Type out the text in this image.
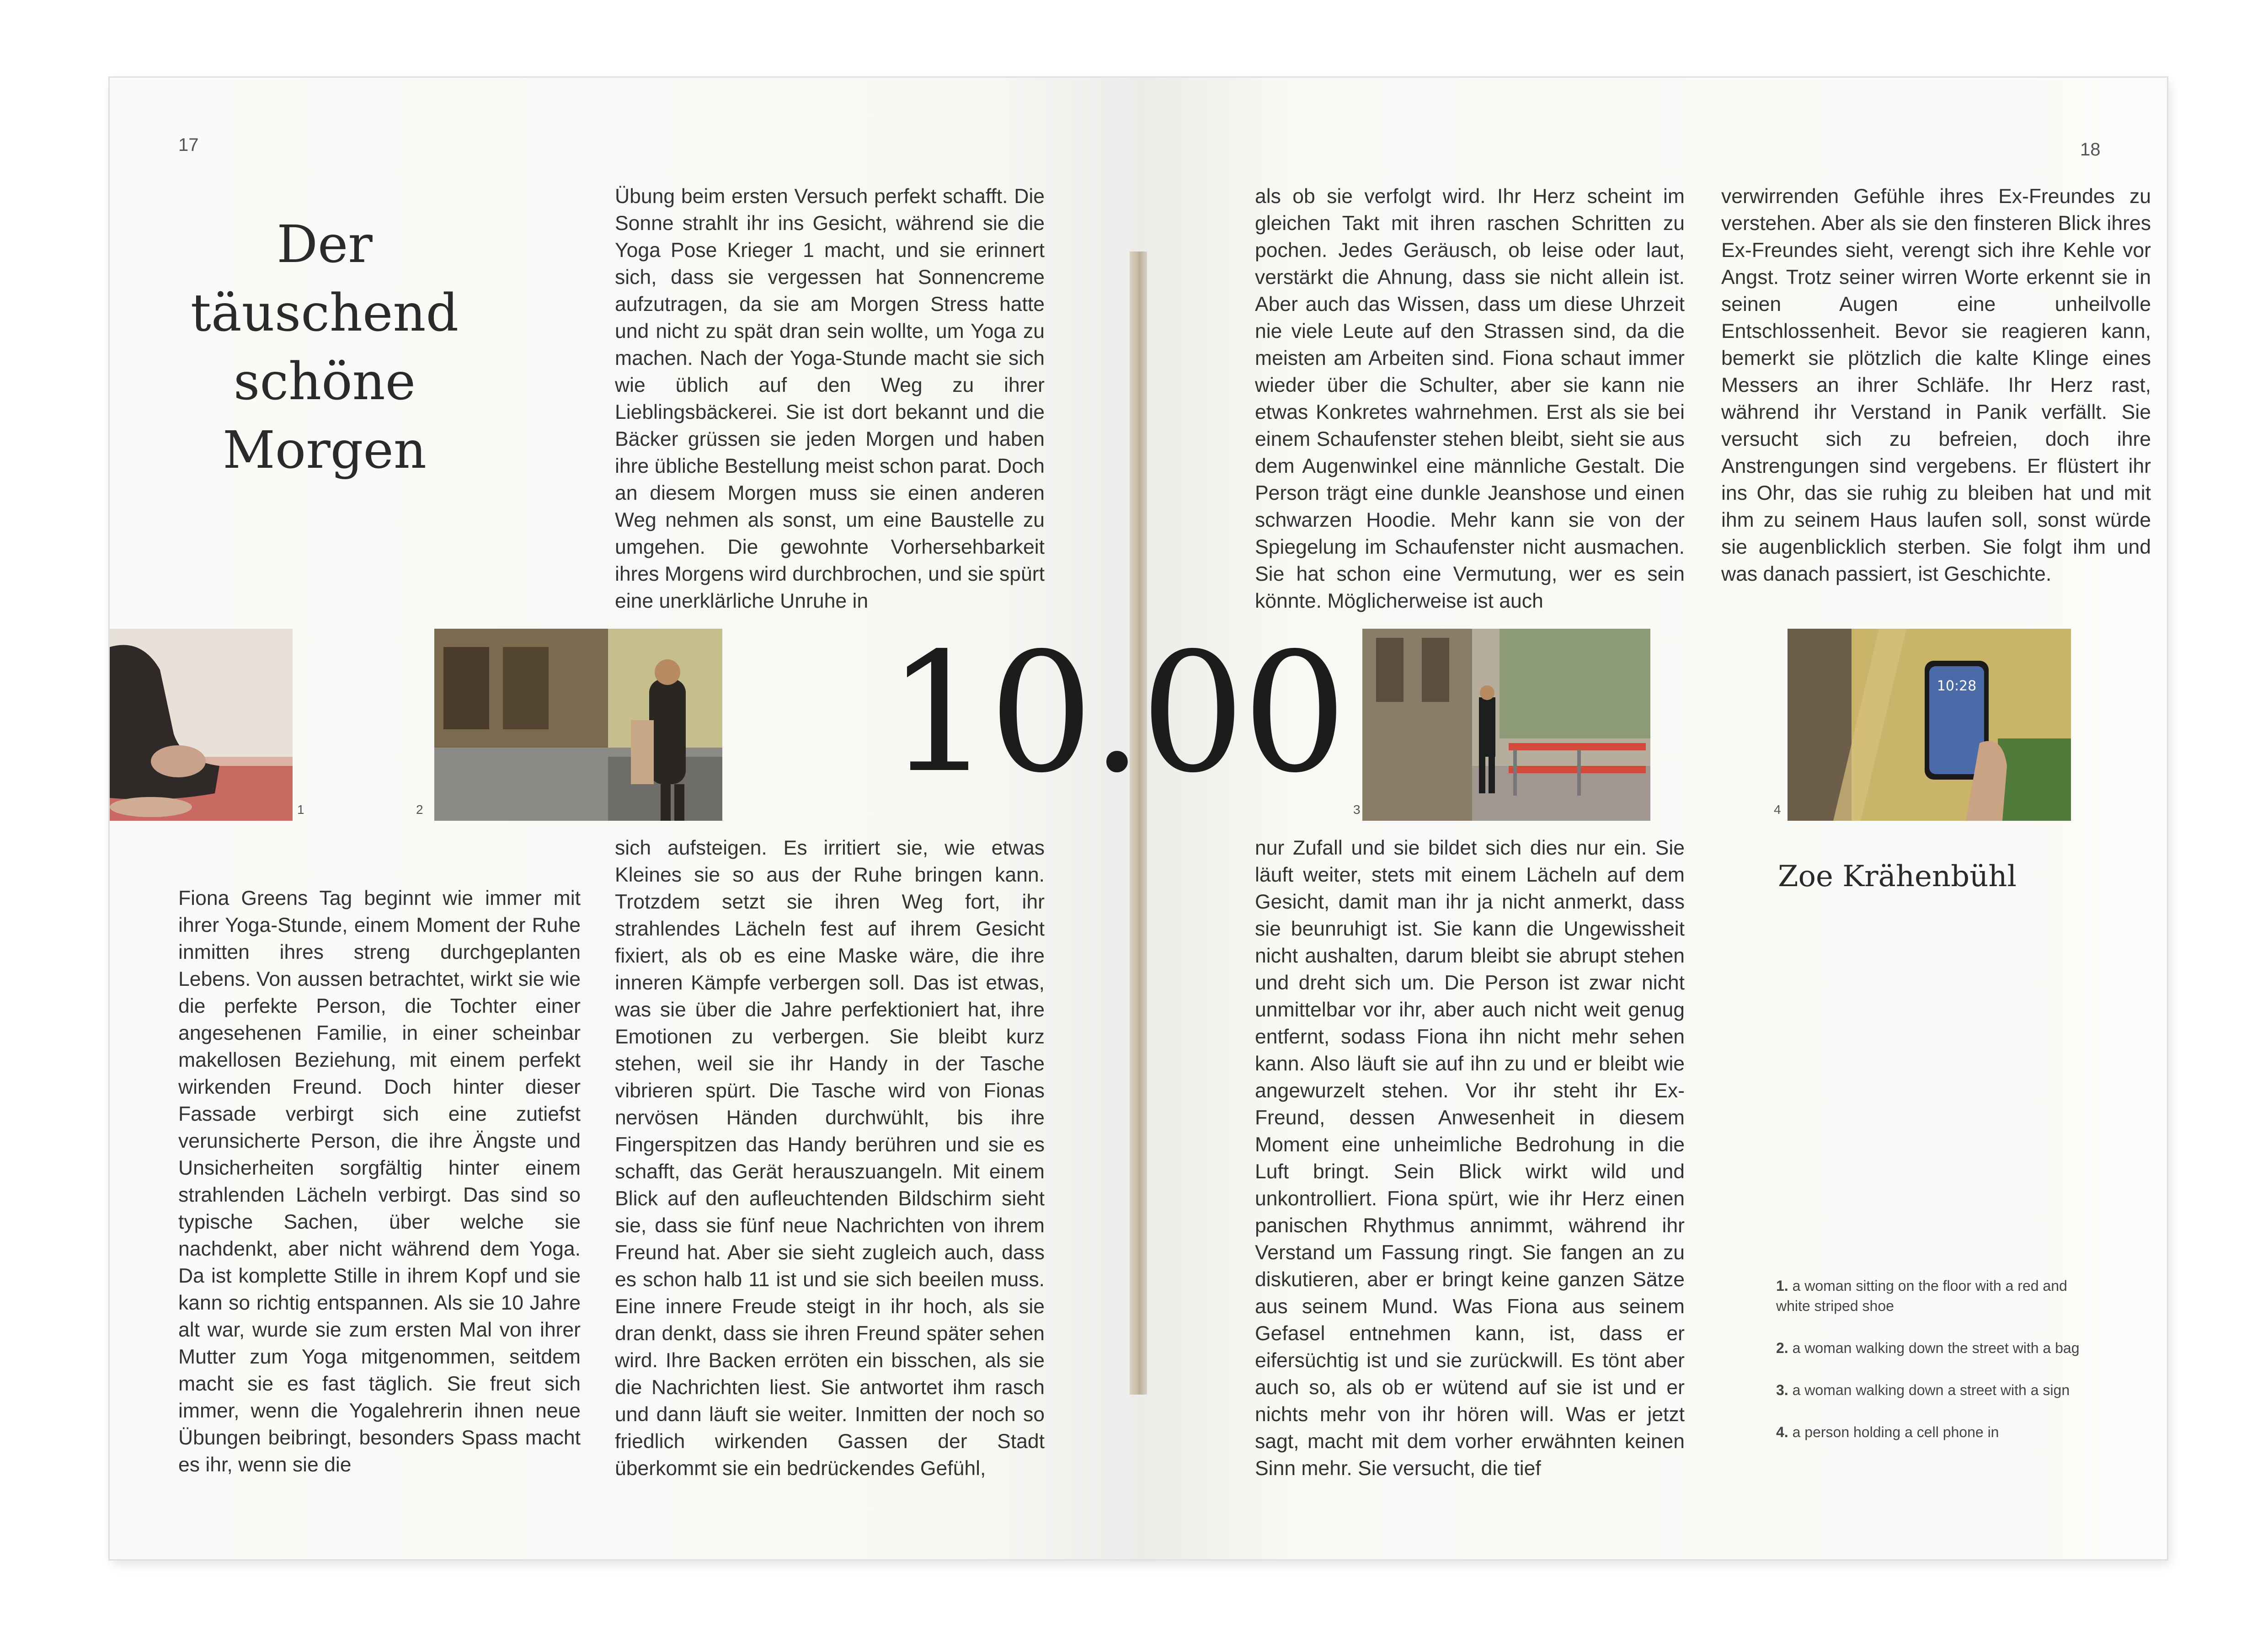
17
Der
täuschend
schöne
Morgen
Übung beim ersten Versuch perfekt schafft. Die Sonne strahlt ihr ins Gesicht, während sie die Yoga Pose Krieger 1 macht, und sie erinnert sich, dass sie vergessen hat Sonnencreme aufzutragen, da sie am Morgen Stress hatte und nicht zu spät dran sein wollte, um Yoga zu machen. Nach der Yoga-Stunde macht sie sich wie üblich auf den Weg zu ihrer Lieblingsbäckerei. Sie ist dort bekannt und die Bäcker grüssen sie jeden Morgen und haben ihre übliche Bestellung meist schon parat. Doch an diesem Morgen muss sie einen anderen Weg nehmen als sonst, um eine Baustelle zu umgehen. Die gewohnte Vorhersehbarkeit ihres Morgens wird durchbrochen, und sie spürt eine unerklärliche Unruhe in
1	2
Fiona Greens Tag beginnt wie immer mit ihrer Yoga-Stunde, einem Moment der Ruhe inmitten ihres streng durchgeplanten Lebens. Von aussen betrachtet, wirkt sie wie die perfekte Person, die Tochter einer angesehenen Familie, in einer scheinbar makellosen Beziehung, mit einem perfekt wirkenden Freund. Doch hinter dieser Fassade verbirgt sich eine zutiefst verunsicherte Person, die ihre Ängste und Unsicherheiten sorgfältig hinter einem strahlenden Lächeln verbirgt. Das sind so typische Sachen, über welche sie nachdenkt, aber nicht während dem Yoga. Da ist komplette Stille in ihrem Kopf und sie kann so richtig entspannen. Als sie 10 Jahre alt war, wurde sie zum ersten Mal von ihrer Mutter zum Yoga mitgenommen, seitdem macht sie es fast täglich. Sie freut sich immer, wenn die Yogalehrerin ihnen neue Übungen beibringt, besonders Spass macht es ihr, wenn sie die
sich aufsteigen. Es irritiert sie, wie etwas Kleines sie so aus der Ruhe bringen kann. Trotzdem setzt sie ihren Weg fort, ihr strahlendes Lächeln fest auf ihrem Gesicht fixiert, als ob es eine Maske wäre, die ihre inneren Kämpfe verbergen soll. Das ist etwas, was sie über die Jahre perfektioniert hat, ihre Emotionen zu verbergen. Sie bleibt kurz stehen, weil sie ihr Handy in der Tasche vibrieren spürt. Die Tasche wird von Fionas nervösen Händen durchwühlt, bis ihre Fingerspitzen das Handy berühren und sie es schafft, das Gerät herauszuangeln. Mit einem Blick auf den aufleuchtenden Bildschirm sieht sie, dass sie fünf neue Nachrichten von ihrem Freund hat. Aber sie sieht zugleich auch, dass es schon halb 11 ist und sie sich beeilen muss. Eine innere Freude steigt in ihr hoch, als sie dran denkt, dass sie ihren Freund später sehen wird. Ihre Backen erröten ein bisschen, als sie die Nachrichten liest. Sie antwortet ihm rasch und dann läuft sie weiter. Inmitten der noch so friedlich wirkenden Gassen der Stadt überkommt sie ein bedrückendes Gefühl,
10.00
18
als ob sie verfolgt wird. Ihr Herz scheint im gleichen Takt mit ihren raschen Schritten zu pochen. Jedes Geräusch, ob leise oder laut, verstärkt die Ahnung, dass sie nicht allein ist. Aber auch das Wissen, dass um diese Uhrzeit nie viele Leute auf den Strassen sind, da die meisten am Arbeiten sind. Fiona schaut immer wieder über die Schulter, aber sie kann nie etwas Konkretes wahrnehmen. Erst als sie bei einem Schaufenster stehen bleibt, sieht sie aus dem Augenwinkel eine männliche Gestalt. Die Person trägt eine dunkle Jeanshose und einen schwarzen Hoodie. Mehr kann sie von der Spiegelung im Schaufenster nicht ausmachen. Sie hat schon eine Vermutung, wer es sein könnte. Möglicherweise ist auch
verwirrenden Gefühle ihres Ex-Freundes zu verstehen. Aber als sie den finsteren Blick ihres Ex-Freundes sieht, verengt sich ihre Kehle vor Angst. Trotz seiner wirren Worte erkennt sie in seinen Augen eine unheilvolle Entschlossenheit. Bevor sie reagieren kann, bemerkt sie plötzlich die kalte Klinge eines Messers an ihrer Schläfe. Ihr Herz rast, während ihr Verstand in Panik verfällt. Sie versucht sich zu befreien, doch ihre Anstrengungen sind vergebens. Er flüstert ihr ins Ohr, das sie ruhig zu bleiben hat und mit ihm zu seinem Haus laufen soll, sonst würde sie augenblicklich sterben. Sie folgt ihm und was danach passiert, ist Geschichte.
3
10:28
4
nur Zufall und sie bildet sich dies nur ein. Sie läuft weiter, stets mit einem Lächeln auf dem Gesicht, damit man ihr ja nicht anmerkt, dass sie beunruhigt ist. Sie kann die Ungewissheit nicht aushalten, darum bleibt sie abrupt stehen und dreht sich um. Die Person ist zwar nicht unmittelbar vor ihr, aber auch nicht weit genug entfernt, sodass Fiona ihn nicht mehr sehen kann. Also läuft sie auf ihn zu und er bleibt wie angewurzelt stehen. Vor ihr steht ihr Ex-Freund, dessen Anwesenheit in diesem Moment eine unheimliche Bedrohung in die Luft bringt. Sein Blick wirkt wild und unkontrolliert. Fiona spürt, wie ihr Herz einen panischen Rhythmus annimmt, während ihr Verstand um Fassung ringt. Sie fangen an zu diskutieren, aber er bringt keine ganzen Sätze aus seinem Mund. Was Fiona aus seinem Gefasel entnehmen kann, ist, dass er eifersüchtig ist und sie zurückwill. Es tönt aber auch so, als ob er wütend auf sie ist und er nichts mehr von ihr hören will. Was er jetzt sagt, macht mit dem vorher erwähnten keinen Sinn mehr. Sie versucht, die tief
Zoe Krähenbühl
1. a woman sitting on the floor with a red and white striped shoe
2. a woman walking down the street with a bag
3. a woman walking down a street with a sign
4. a person holding a cell phone in
